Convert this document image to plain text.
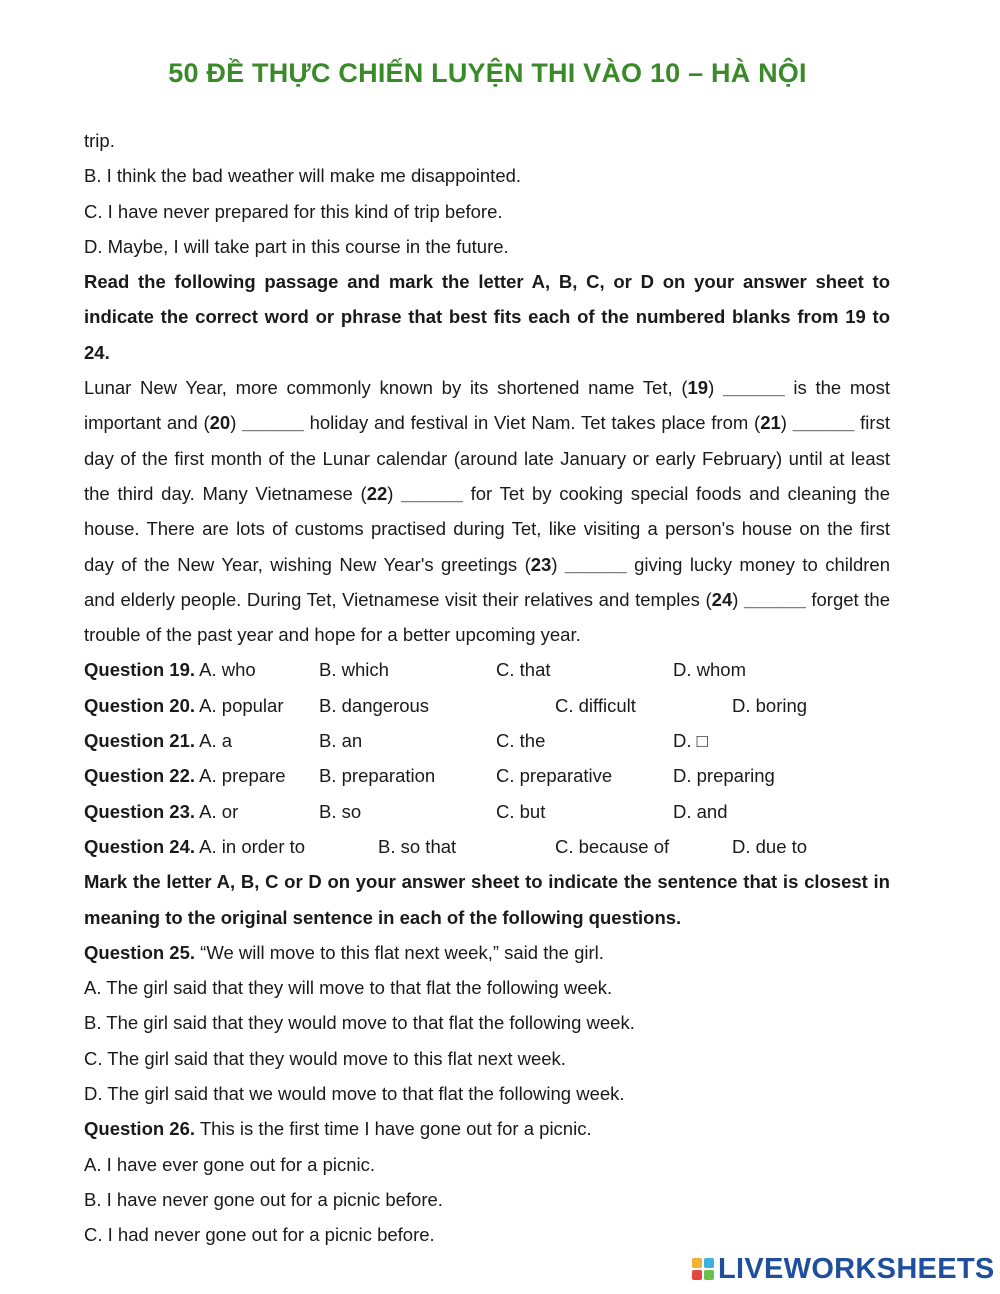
50 ĐỀ THỰC CHIẾN LUYỆN THI VÀO 10 – HÀ NỘI
trip.
B. I think the bad weather will make me disappointed.
C. I have never prepared for this kind of trip before.
D. Maybe, I will take part in this course in the future.
Read the following passage and mark the letter A, B, C, or D on your answer sheet to indicate the correct word or phrase that best fits each of the numbered blanks from 19 to 24.
Lunar New Year, more commonly known by its shortened name Tet, (19) ______ is the most important and (20) ______ holiday and festival in Viet Nam. Tet takes place from (21) ______ first day of the first month of the Lunar calendar (around late January or early February) until at least the third day. Many Vietnamese (22) ______ for Tet by cooking special foods and cleaning the house. There are lots of customs practised during Tet, like visiting a person's house on the first day of the New Year, wishing New Year's greetings (23) ______ giving lucky money to children and elderly people. During Tet, Vietnamese visit their relatives and temples (24) ______ forget the trouble of the past year and hope for a better upcoming year.
Question 19. A. who	B. which	C. that	D. whom
Question 20. A. popular B. dangerous	C. difficult	D. boring
Question 21. A. a	B. an	C. the	D. □
Question 22. A. prepare B. preparation	C. preparative	D. preparing
Question 23. A. or	B. so	C. but	D. and
Question 24. A. in order to	B. so that	C. because of	D. due to
Mark the letter A, B, C or D on your answer sheet to indicate the sentence that is closest in meaning to the original sentence in each of the following questions.
Question 25. “We will move to this flat next week,” said the girl.
A. The girl said that they will move to that flat the following week.
B. The girl said that they would move to that flat the following week.
C. The girl said that they would move to this flat next week.
D. The girl said that we would move to that flat the following week.
Question 26. This is the first time I have gone out for a picnic.
A. I have ever gone out for a picnic.
B. I have never gone out for a picnic before.
C. I had never gone out for a picnic before.
LIVEWORKSHEETS
